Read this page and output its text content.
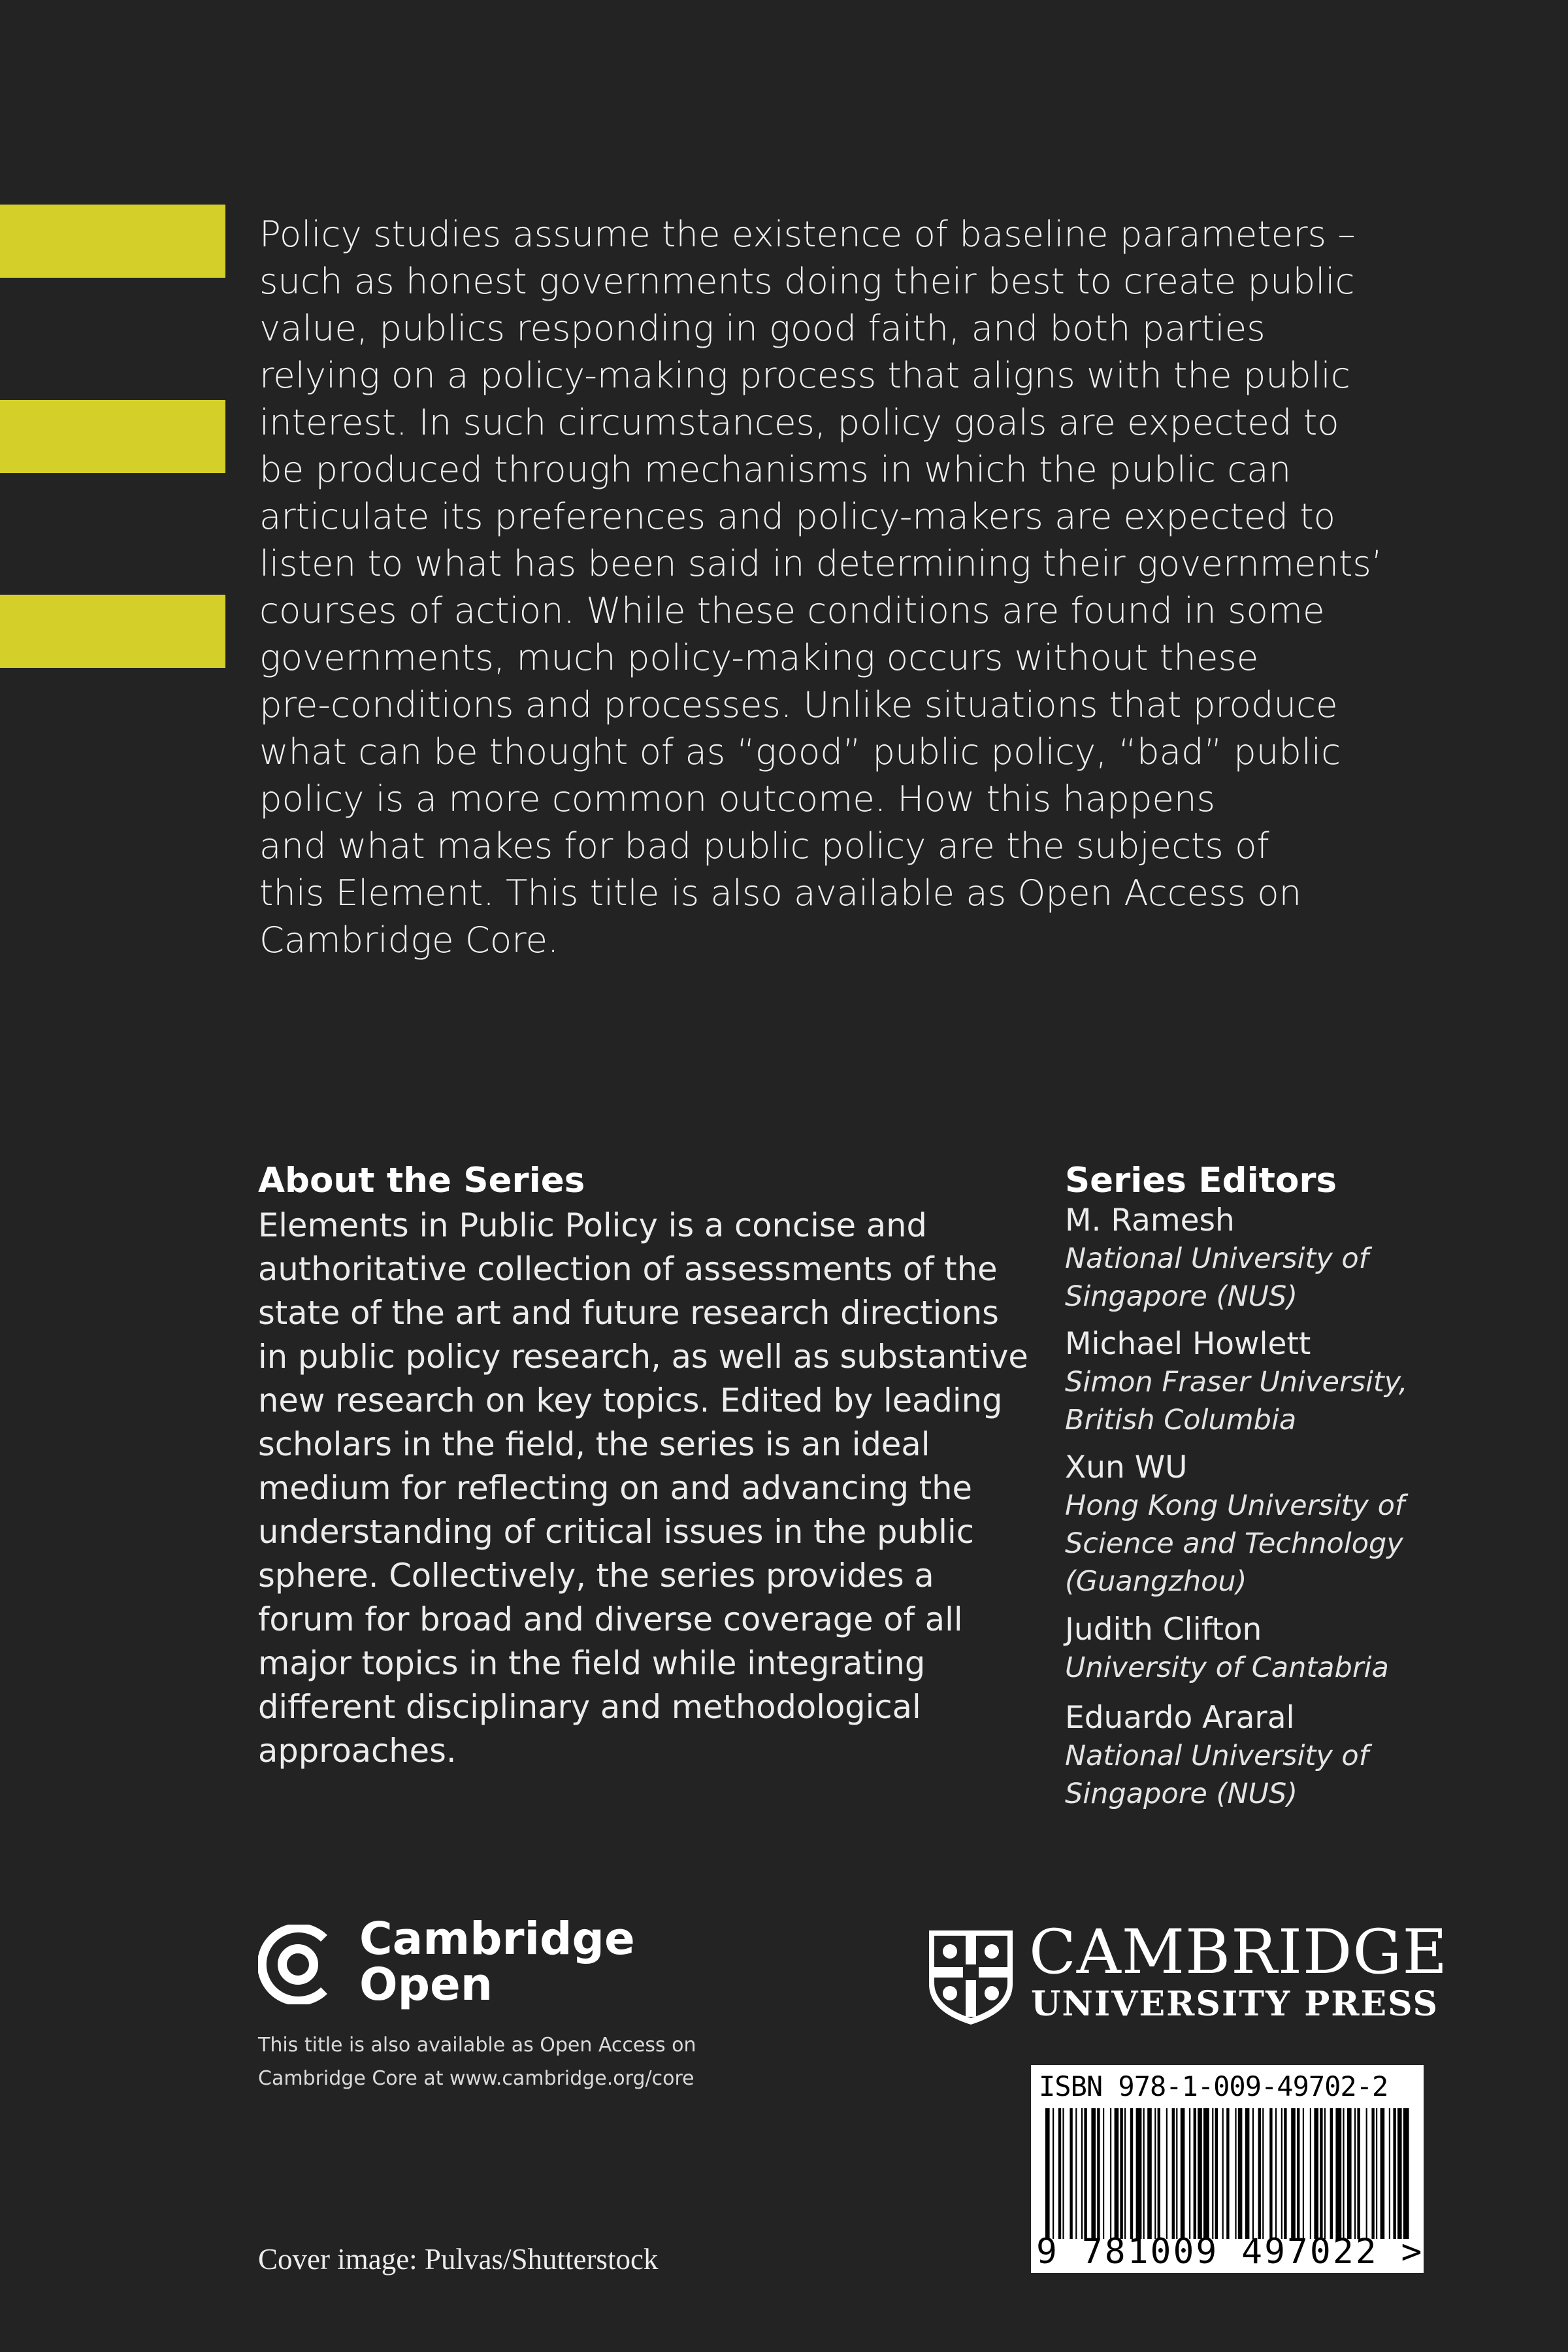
Policy studies assume the existence of baseline parameters –
such as honest governments doing their best to create public
value, publics responding in good faith, and both parties
relying on a policy-making process that aligns with the public
interest. In such circumstances, policy goals are expected to
be produced through mechanisms in which the public can
articulate its preferences and policy-makers are expected to
listen to what has been said in determining their governments’
courses of action. While these conditions are found in some
governments, much policy-making occurs without these
pre-conditions and processes. Unlike situations that produce
what can be thought of as “good” public policy, “bad” public
policy is a more common outcome. How this happens
and what makes for bad public policy are the subjects of
this Element. This title is also available as Open Access on
Cambridge Core.

About the Series

Elements in Public Policy is a concise and
authoritative collection of assessments of the
state of the art and future research directions
in public policy research, as well as substantive
new research on key topics. Edited by leading
scholars in the field, the series is an ideal
medium for reflecting on and advancing the
understanding of critical issues in the public
sphere. Collectively, the series provides a
forum for broad and diverse coverage of all
major topics in the field while integrating
different disciplinary and methodological
approaches.

Series Editors
M. Ramesh
National University of
Singapore (NUS)
Michael Howlett
Simon Fraser University,
British Columbia
Xun WU
Hong Kong University of
Science and Technology
(Guangzhou)
Judith Clifton
University of Cantabria
Eduardo Araral
National University of
Singapore (NUS)

Cambridge
Open

This title is also available as Open Access on
Cambridge Core at www.cambridge.org/core

CAMBRIDGE

UNIVERSITY PRESS

ISBN 978-1-009-49702-2

9 781009 497022 >

Cover image: Pulvas/Shutterstock
